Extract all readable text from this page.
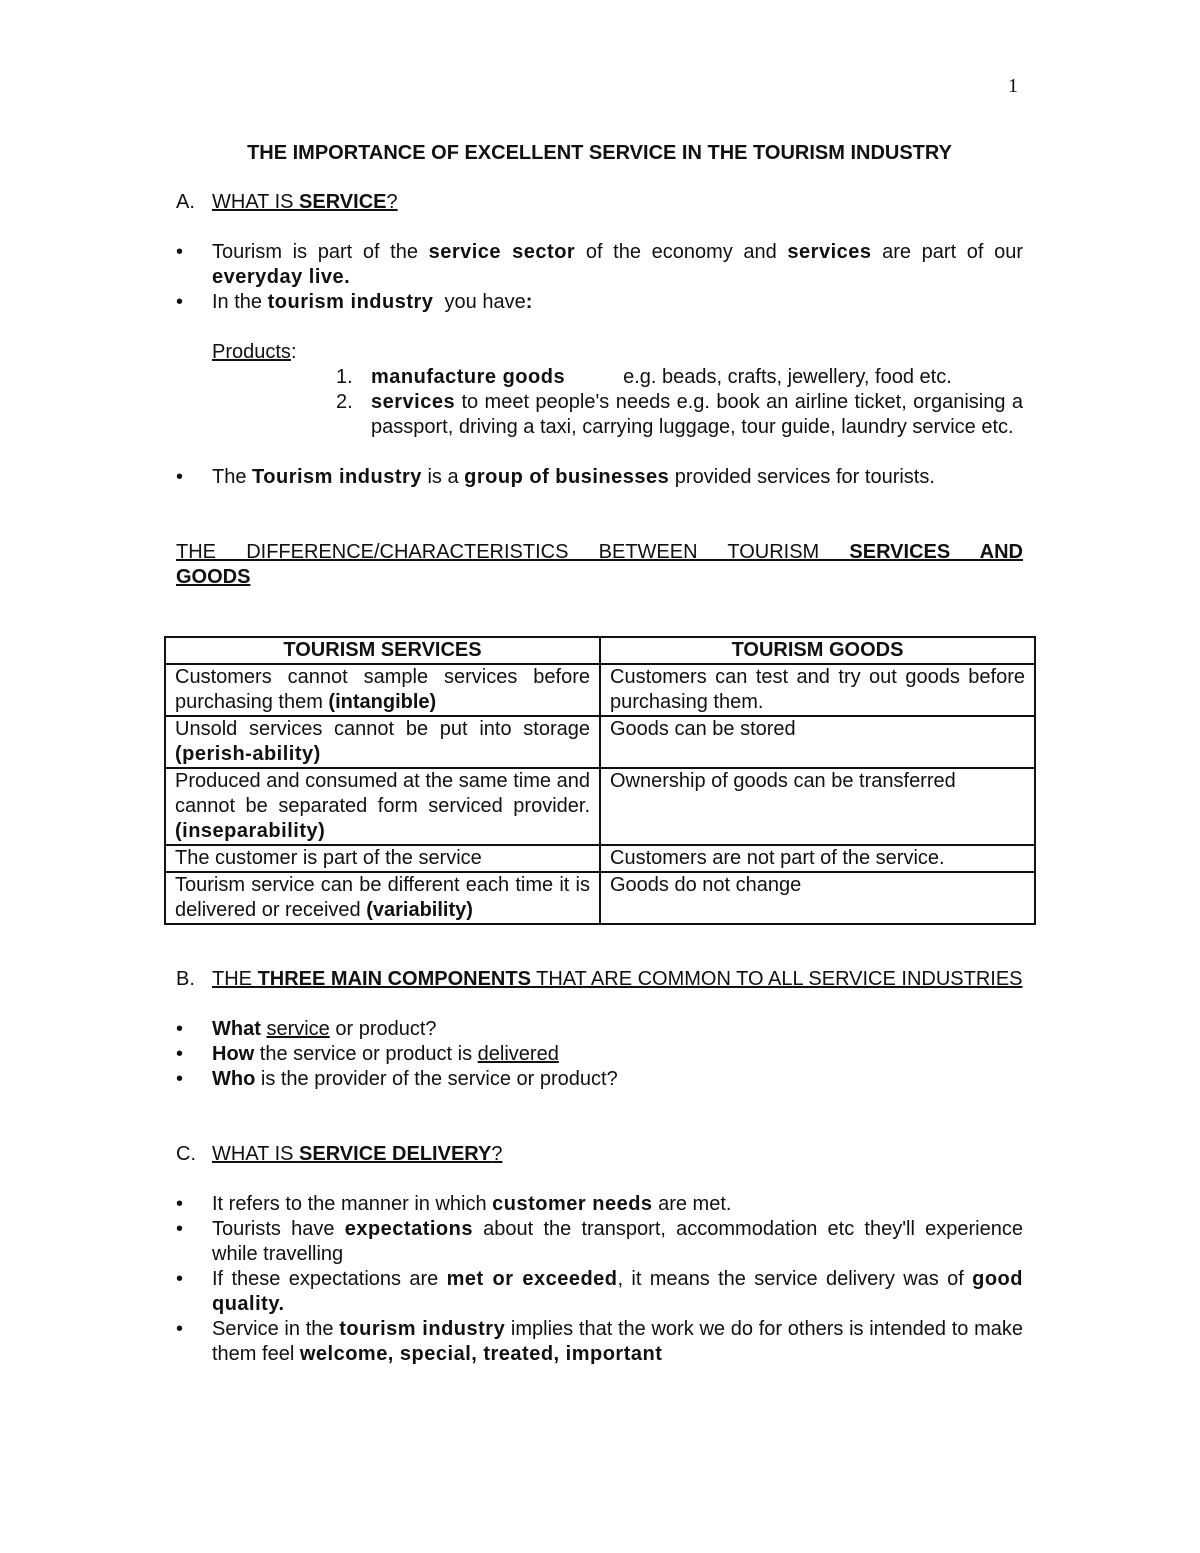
1
THE IMPORTANCE OF EXCELLENT SERVICE IN THE TOURISM INDUSTRY
A. WHAT IS SERVICE?
•	Tourism is part of the service sector of the economy and services are part of our everyday live.
•	In the tourism industry  you have:
Products:
1. manufacture goods	e.g. beads, crafts, jewellery, food etc.
2. services to meet people's needs e.g. book an airline ticket, organising a passport, driving a taxi, carrying luggage, tour guide, laundry service etc.
•	The Tourism industry is a group of businesses provided services for tourists.
THE DIFFERENCE/CHARACTERISTICS BETWEEN TOURISM SERVICES AND
GOODS
TOURISM SERVICES	TOURISM GOODS
Customers cannot sample services before purchasing them (intangible)	Customers can test and try out goods before purchasing them.
Unsold services cannot be put into storage (perish-ability)	Goods can be stored
Produced and consumed at the same time and cannot be separated form serviced provider. (inseparability)	Ownership of goods can be transferred
The customer is part of the service	Customers are not part of the service.
Tourism service can be different each time it is delivered or received (variability)	Goods do not change
B. THE THREE MAIN COMPONENTS THAT ARE COMMON TO ALL SERVICE INDUSTRIES
•	What service or product?
•	How the service or product is delivered
•	Who is the provider of the service or product?
C. WHAT IS SERVICE DELIVERY?
•	It refers to the manner in which customer needs are met.
•	Tourists have expectations about the transport, accommodation etc they'll experience while travelling
•	If these expectations are met or exceeded, it means the service delivery was of good quality.
•	Service in the tourism industry implies that the work we do for others is intended to make them feel welcome, special, treated, important
